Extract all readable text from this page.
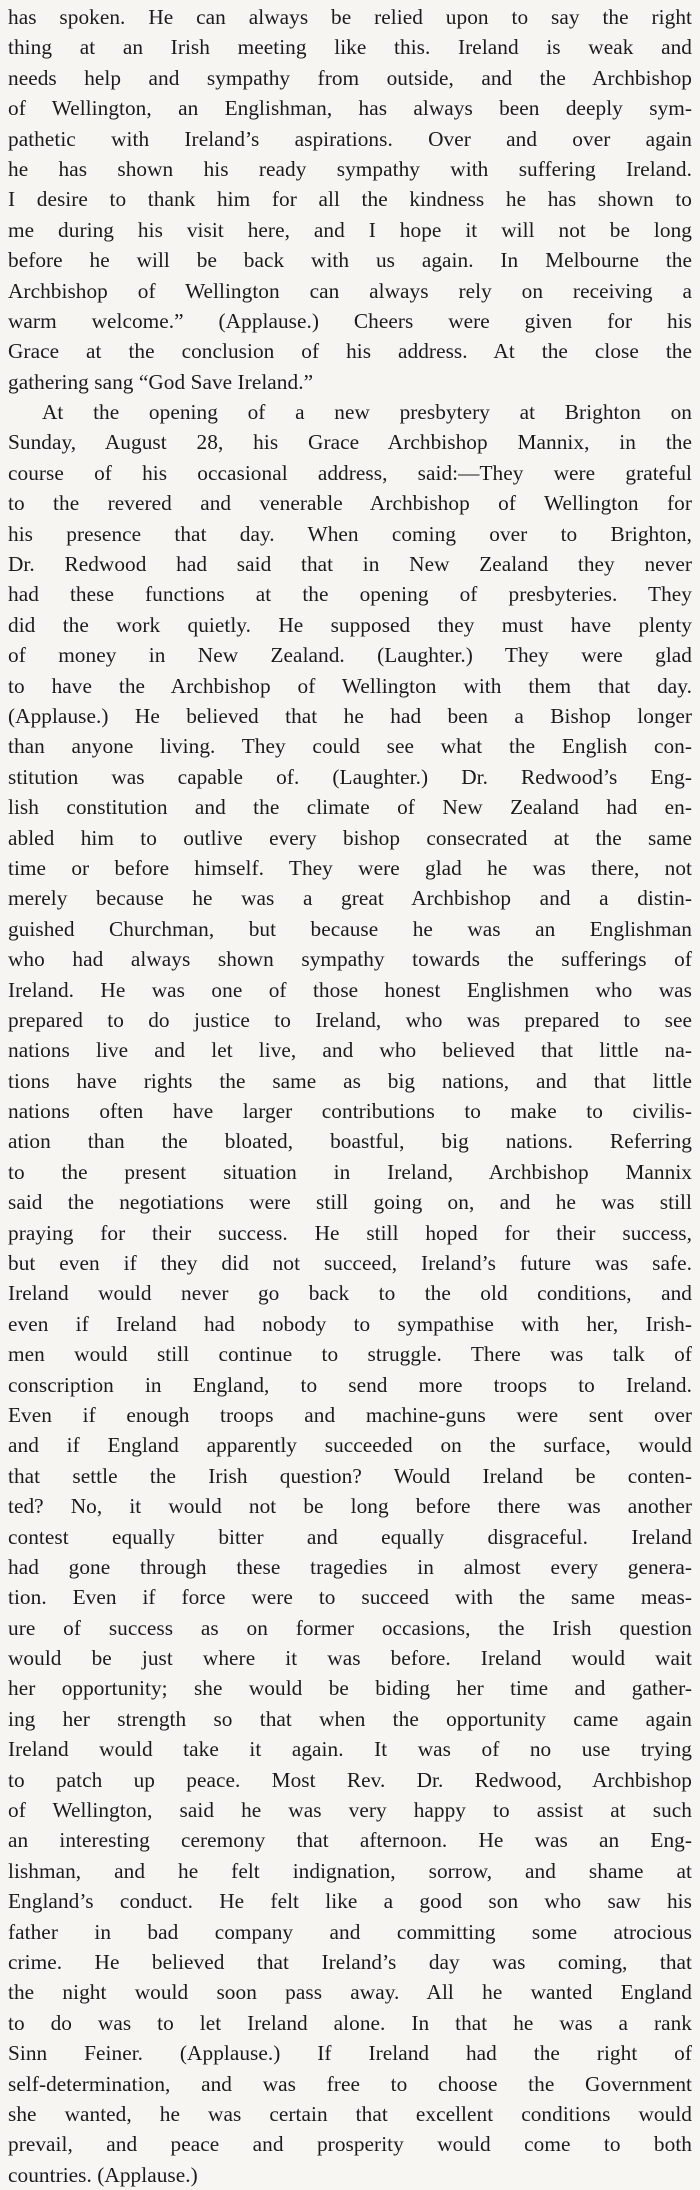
has spoken. He can always be relied upon to say the right
thing at an Irish meeting like this. Ireland is weak and
needs help and sympathy from outside, and the Archbishop
of Wellington, an Englishman, has always been deeply sym-
pathetic with Ireland’s aspirations. Over and over again
he has shown his ready sympathy with suffering Ireland.
I desire to thank him for all the kindness he has shown to
me during his visit here, and I hope it will not be long
before he will be back with us again. In Melbourne the
Archbishop of Wellington can always rely on receiving a
warm welcome.” (Applause.) Cheers were given for his
Grace at the conclusion of his address. At the close the
gathering sang “God Save Ireland.”
At the opening of a new presbytery at Brighton on
Sunday, August 28, his Grace Archbishop Mannix, in the
course of his occasional address, said:—They were grateful
to the revered and venerable Archbishop of Wellington for
his presence that day. When coming over to Brighton,
Dr. Redwood had said that in New Zealand they never
had these functions at the opening of presbyteries. They
did the work quietly. He supposed they must have plenty
of money in New Zealand. (Laughter.) They were glad
to have the Archbishop of Wellington with them that day.
(Applause.) He believed that he had been a Bishop longer
than anyone living. They could see what the English con-
stitution was capable of. (Laughter.) Dr. Redwood’s Eng-
lish constitution and the climate of New Zealand had en-
abled him to outlive every bishop consecrated at the same
time or before himself. They were glad he was there, not
merely because he was a great Archbishop and a distin-
guished Churchman, but because he was an Englishman
who had always shown sympathy towards the sufferings of
Ireland. He was one of those honest Englishmen who was
prepared to do justice to Ireland, who was prepared to see
nations live and let live, and who believed that little na-
tions have rights the same as big nations, and that little
nations often have larger contributions to make to civilis-
ation than the bloated, boastful, big nations. Referring
to the present situation in Ireland, Archbishop Mannix
said the negotiations were still going on, and he was still
praying for their success. He still hoped for their success,
but even if they did not succeed, Ireland’s future was safe.
Ireland would never go back to the old conditions, and
even if Ireland had nobody to sympathise with her, Irish-
men would still continue to struggle. There was talk of
conscription in England, to send more troops to Ireland.
Even if enough troops and machine-guns were sent over
and if England apparently succeeded on the surface, would
that settle the Irish question? Would Ireland be conten-
ted? No, it would not be long before there was another
contest equally bitter and equally disgraceful. Ireland
had gone through these tragedies in almost every genera-
tion. Even if force were to succeed with the same meas-
ure of success as on former occasions, the Irish question
would be just where it was before. Ireland would wait
her opportunity; she would be biding her time and gather-
ing her strength so that when the opportunity came again
Ireland would take it again. It was of no use trying
to patch up peace. Most Rev. Dr. Redwood, Archbishop
of Wellington, said he was very happy to assist at such
an interesting ceremony that afternoon. He was an Eng-
lishman, and he felt indignation, sorrow, and shame at
England’s conduct. He felt like a good son who saw his
father in bad company and committing some atrocious
crime. He believed that Ireland’s day was coming, that
the night would soon pass away. All he wanted England
to do was to let Ireland alone. In that he was a rank
Sinn Feiner. (Applause.) If Ireland had the right of
self-determination, and was free to choose the Government
she wanted, he was certain that excellent conditions would
prevail, and peace and prosperity would come to both
countries. (Applause.)
